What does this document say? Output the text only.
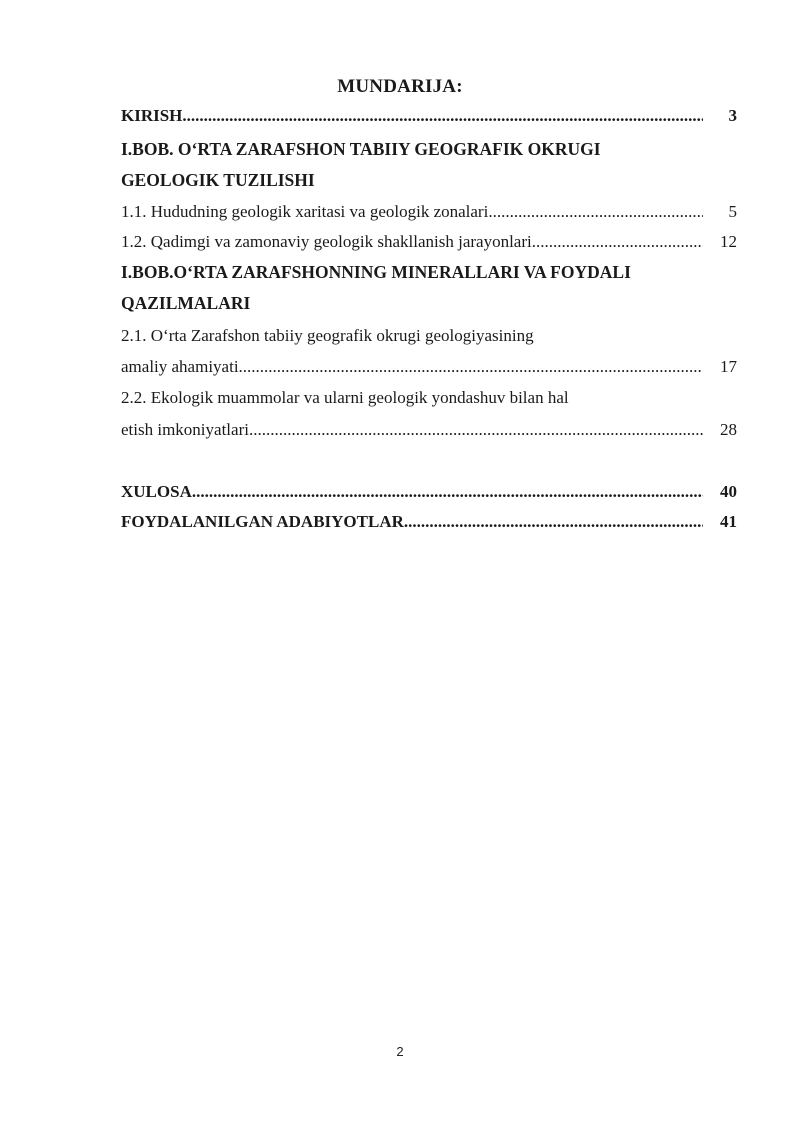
MUNDARIJA:
KIRISH .....	3
I.BOB. O‘RTA ZARAFSHON TABIIY GEOGRAFIK OKRUGI
GEOLOGIK TUZILISHI
1.1. Hududning geologik xaritasi va geologik zonalari .....	5
1.2. Qadimgi va zamonaviy geologik shakllanish jarayonlari .....	12
I.BOB.O‘RTA ZARAFSHONNING MINERALLARI VA FOYDALI
QAZILMALARI
2.1. O‘rta Zarafshon tabiiy geografik okrugi geologiyasining
amaliy ahamiyati .....	17
2.2. Ekologik muammolar va ularni geologik yondashuv bilan hal
etish imkoniyatlari .....	28
XULOSA .....	40
FOYDALANILGAN ADABIYOTLAR .....	41
2
